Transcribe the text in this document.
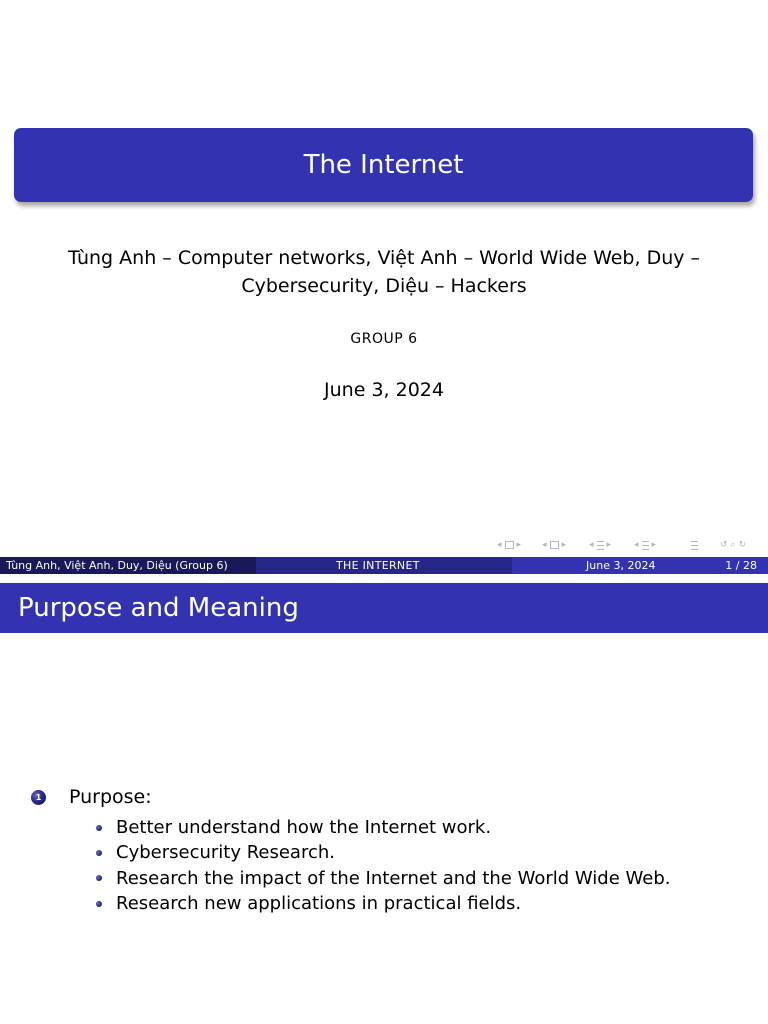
The Internet
Tùng Anh – Computer networks, Việt Anh – World Wide Web, Duy – Cybersecurity, Diệu – Hackers
GROUP 6
June 3, 2024
◂ ▸ ◂ ▸	◂ ▸	◂ ▸	↺ ⌕ ↻
Tùng Anh, Việt Anh, Duy, Diệu (Group 6)	THE INTERNET	June 3, 2024	1 / 28
Purpose and Meaning
1 Purpose:
Better understand how the Internet work.
Cybersecurity Research.
Research the impact of the Internet and the World Wide Web.
Research new applications in practical fields.
